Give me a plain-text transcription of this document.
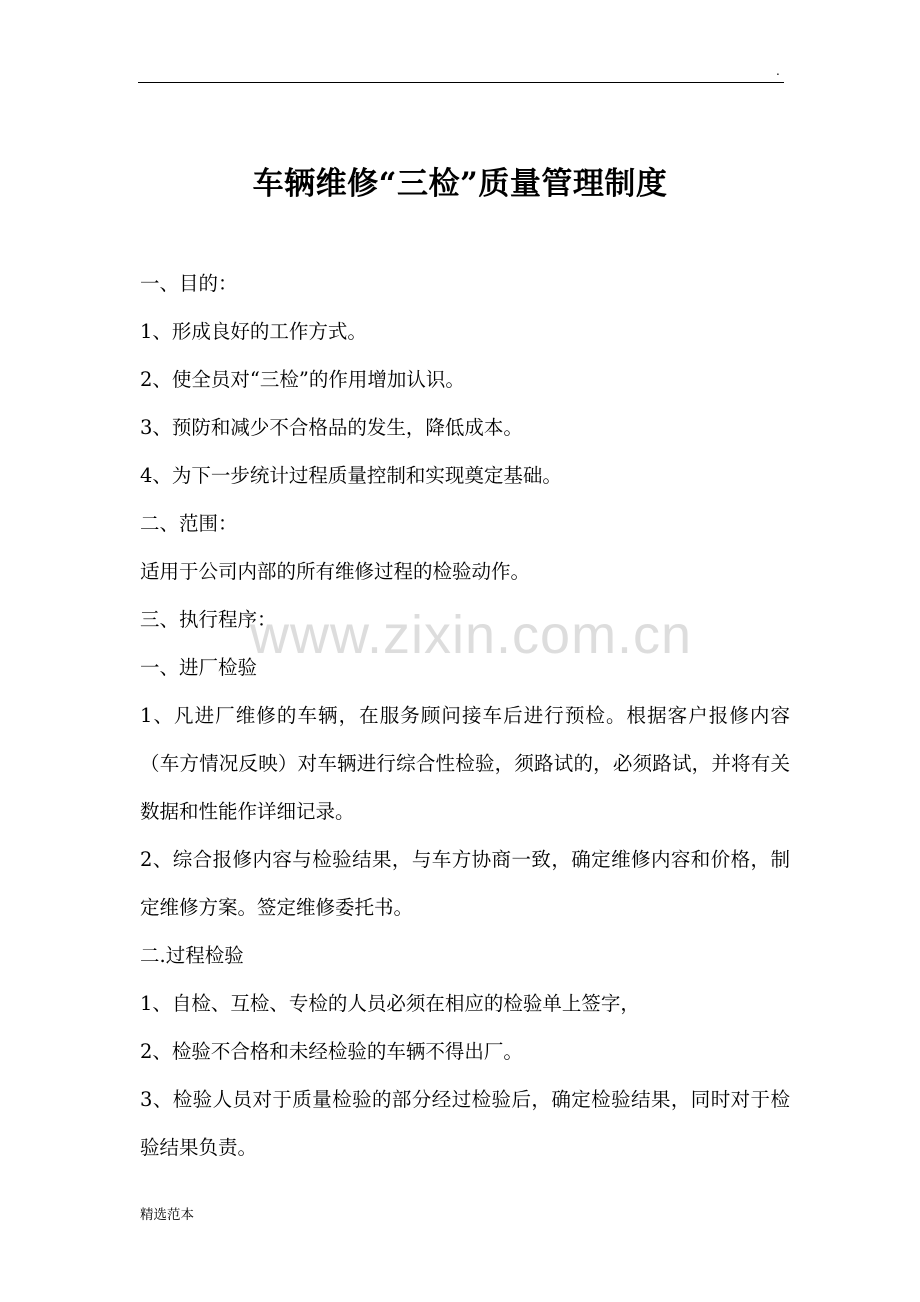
.
车辆维修“三检”质量管理制度

一、目的：

1、形成良好的工作方式。

2、使全员对“三检”的作用增加认识。

3、预防和减少不合格品的发生，降低成本。

4、为下一步统计过程质量控制和实现奠定基础。

二、范围：

适用于公司内部的所有维修过程的检验动作。

三、执行程序：

一、进厂检验

1、凡进厂维修的车辆，在服务顾问接车后进行预检。根据客户报修内容（车方情况反映）对车辆进行综合性检验，须路试的，必须路试，并将有关数据和性能作详细记录。

2、综合报修内容与检验结果，与车方协商一致，确定维修内容和价格，制定维修方案。签定维修委托书。

二.过程检验

1、自检、互检、专检的人员必须在相应的检验单上签字，

2、检验不合格和未经检验的车辆不得出厂。

3、检验人员对于质量检验的部分经过检验后，确定检验结果，同时对于检验结果负责。

www.zixin.com.cn
精选范本
